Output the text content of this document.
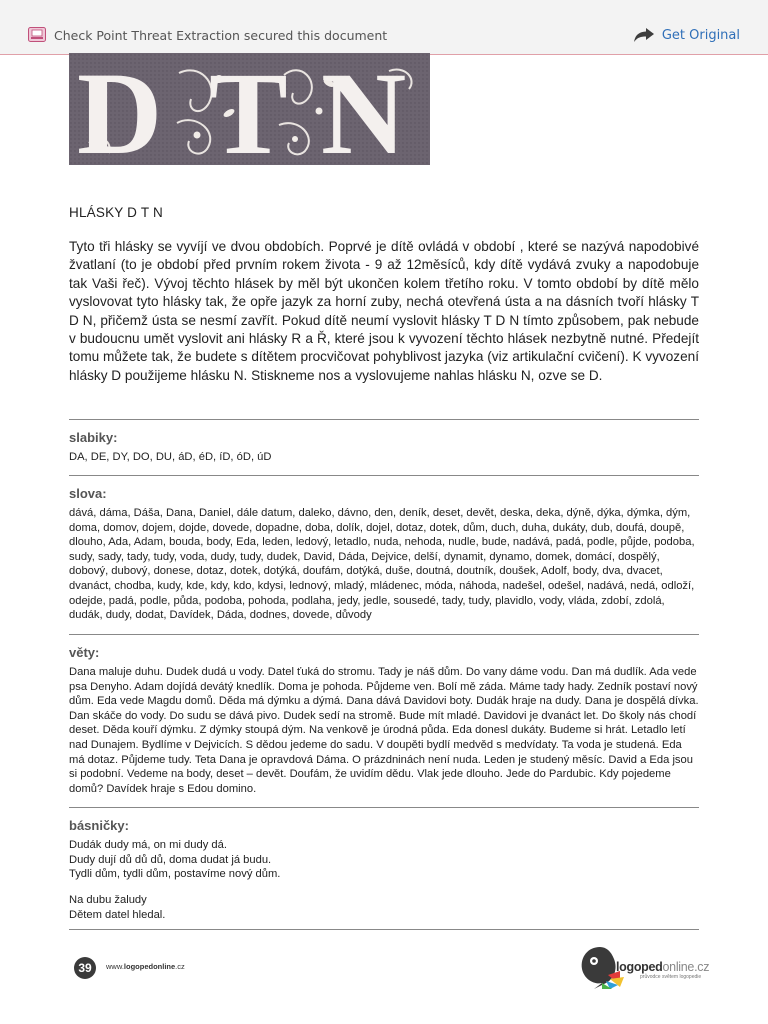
Check Point Threat Extraction secured this document	Get Original
D T N
HLÁSKY D T N
Tyto tři hlásky se vyvíjí ve dvou obdobích. Poprvé je dítě ovládá v období , které se nazývá napodobivé žvatlaní (to je období před prvním rokem života - 9 až 12měsíců, kdy dítě vydává zvuky a napodobuje tak Vaši řeč). Vývoj těchto hlásek by měl být ukončen kolem třetího roku. V tomto období by dítě mělo vyslovovat tyto hlásky tak, že opře jazyk za horní zuby, nechá otevřená ústa a na dásních tvoří hlásky T D N, přičemž ústa se nesmí zavřít. Pokud dítě neumí vyslovit hlásky T D N tímto způsobem, pak nebude v budoucnu umět vyslovit ani hlásky R a Ř, které jsou k vyvození těchto hlásek nezbytně nutné. Předejít tomu můžete tak, že budete s dítětem procvičovat pohyblivost jazyka (viz artikulační cvičení). K vyvození hlásky D použijeme hlásku N. Stiskneme nos a vyslovujeme nahlas hlásku N, ozve se D.
slabiky:
DA, DE, DY, DO, DU, áD, éD, íD, óD, úD
slova:
dává, dáma, Dáša, Dana, Daniel, dále datum, daleko, dávno, den, deník, deset, devět, deska, deka, dýně, dýka, dýmka, dým, doma, domov, dojem, dojde, dovede, dopadne, doba, dolík, dojel, dotaz, dotek, dům, duch, duha, dukáty, dub, doufá, doupě, dlouho, Ada, Adam, bouda, body, Eda, leden, ledový, letadlo, nuda, nehoda, nudle, bude, nadává, padá, podle, půjde, podoba, sudy, sady, tady, tudy, voda, dudy, tudy, dudek, David, Dáda, Dejvice, delší, dynamit, dynamo, domek, domácí, dospělý, dobový, dubový, donese, dotaz, dotek, dotýká, doufám, dotýká, duše, doutná, doutník, doušek, Adolf, body, dva, dvacet, dvanáct, chodba, kudy, kde, kdy, kdo, kdysi, lednový, mladý, mládenec, móda, náhoda, nadešel, odešel, nadává, nedá, odloží, odejde, padá, podle, půda, podoba, pohoda, podlaha, jedy, jedle, sousedé, tady, tudy, plavidlo, vody, vláda, zdobí, zdolá, dudák, dudy, dodat, Davídek, Dáda, dodnes, dovede, důvody
věty:
Dana maluje duhu. Dudek dudá u vody. Datel ťuká do stromu. Tady je náš dům. Do vany dáme vodu. Dan má dudlík. Ada vede psa Denyho. Adam dojídá devátý knedlík. Doma je pohoda. Půjdeme ven. Bolí mě záda. Máme tady hady. Zedník postaví nový dům. Eda vede Magdu domů. Děda má dýmku a dýmá. Dana dává Davidovi boty. Dudák hraje na dudy. Dana je dospělá dívka. Dan skáče do vody. Do sudu se dává pivo. Dudek sedí na stromě. Bude mít mladé. Davidovi je dvanáct let. Do školy nás chodí deset. Děda kouří dýmku. Z dýmky stoupá dým. Na venkově je úrodná půda. Eda donesl dukáty. Budeme si hrát. Letadlo letí nad Dunajem. Bydlíme v Dejvicích. S dědou jedeme do sadu. V doupěti bydlí medvěd s medvídaty. Ta voda je studená. Eda má dotaz. Půjdeme tudy. Teta Dana je opravdová Dáma. O prázdninách není nuda. Leden je studený měsíc. David a Eda jsou si podobní. Vedeme na body, deset – devět. Doufám, že uvidím dědu. Vlak jede dlouho. Jede do Pardubic. Kdy pojedeme domů? Davídek hraje s Edou domino.
básničky:
Dudák dudy má, on mi dudy dá.
Dudy dují dů dů dů, doma dudat já budu.
Tydli dům, tydli dům, postavíme nový dům.
Na dubu žaludy
Dětem datel hledal.
39	www.logopedonline.cz	logopedonline.cz
průvodce světem logopedie
